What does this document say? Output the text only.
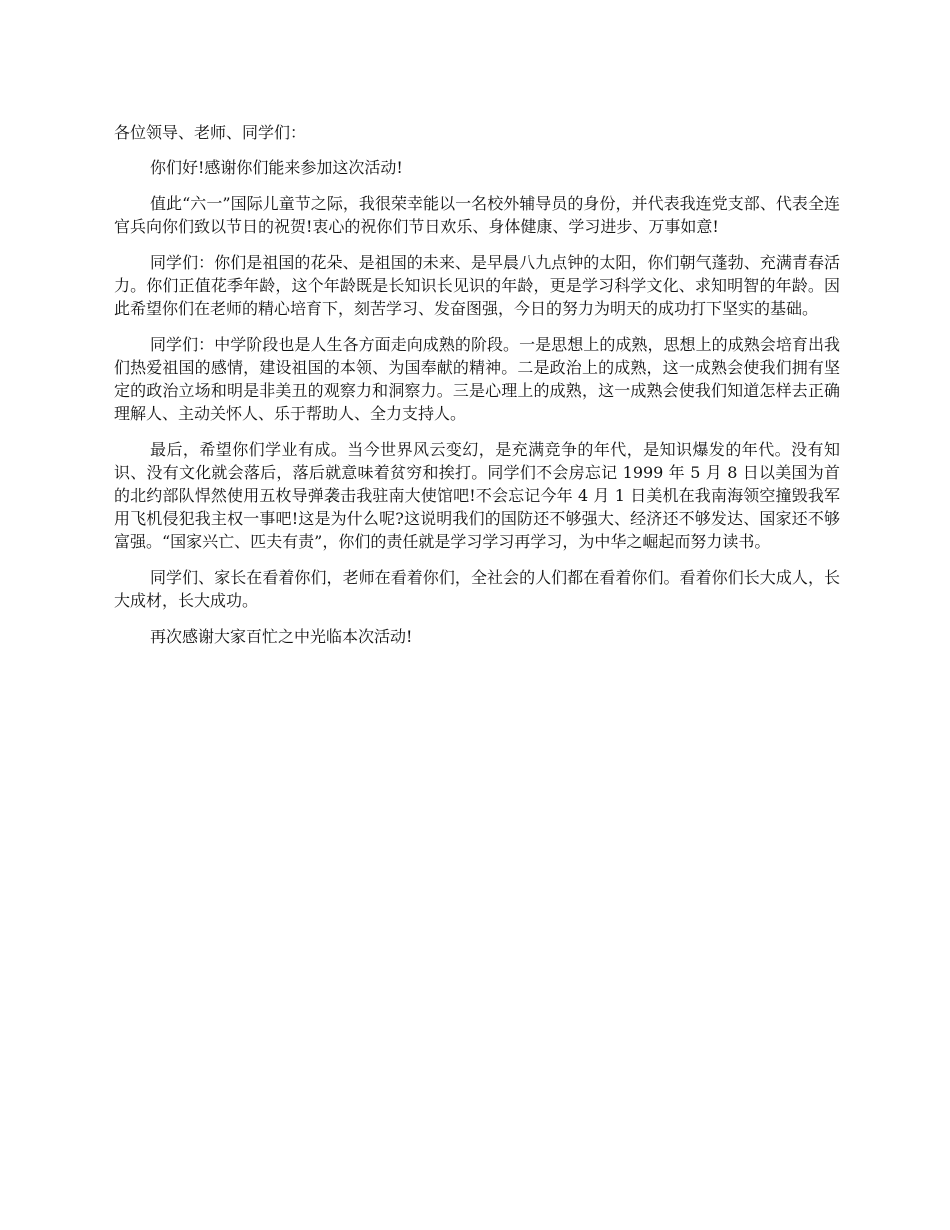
各位领导、老师、同学们：

你们好!感谢你们能来参加这次活动!

值此“六一”国际儿童节之际，我很荣幸能以一名校外辅导员的身份，并代表我连党支部、代表全连官兵向你们致以节日的祝贺!衷心的祝你们节日欢乐、身体健康、学习进步、万事如意!

同学们：你们是祖国的花朵、是祖国的未来、是早晨八九点钟的太阳，你们朝气蓬勃、充满青春活力。你们正值花季年龄，这个年龄既是长知识长见识的年龄，更是学习科学文化、求知明智的年龄。因此希望你们在老师的精心培育下，刻苦学习、发奋图强，今日的努力为明天的成功打下坚实的基础。

同学们：中学阶段也是人生各方面走向成熟的阶段。一是思想上的成熟，思想上的成熟会培育出我们热爱祖国的感情，建设祖国的本领、为国奉献的精神。二是政治上的成熟，这一成熟会使我们拥有坚定的政治立场和明是非美丑的观察力和洞察力。三是心理上的成熟，这一成熟会使我们知道怎样去正确理解人、主动关怀人、乐于帮助人、全力支持人。

最后，希望你们学业有成。当今世界风云变幻，是充满竞争的年代，是知识爆发的年代。没有知识、没有文化就会落后，落后就意味着贫穷和挨打。同学们不会房忘记 1999 年 5 月 8 日以美国为首的北约部队悍然使用五枚导弹袭击我驻南大使馆吧!不会忘记今年 4 月 1 日美机在我南海领空撞毁我军用飞机侵犯我主权一事吧!这是为什么呢?这说明我们的国防还不够强大、经济还不够发达、国家还不够富强。“国家兴亡、匹夫有责”，你们的责任就是学习学习再学习，为中华之崛起而努力读书。

同学们、家长在看着你们，老师在看着你们，全社会的人们都在看着你们。看着你们长大成人，长大成材，长大成功。

再次感谢大家百忙之中光临本次活动!
